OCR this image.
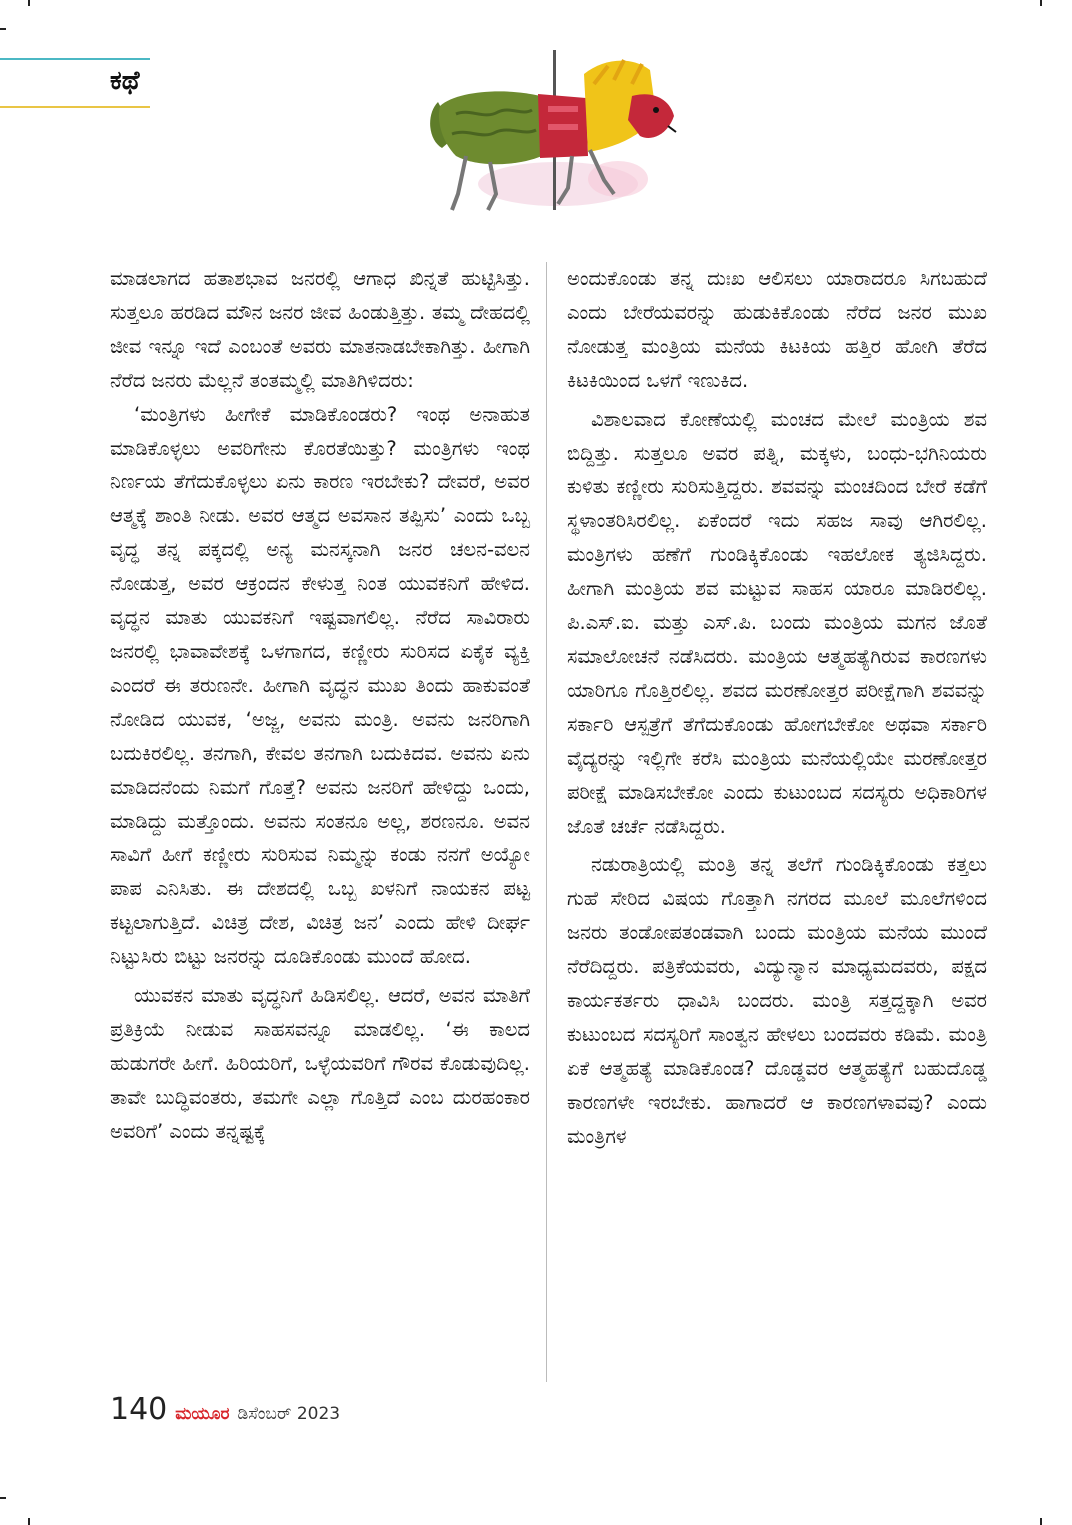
ಕಥೆ

ಮಾಡಲಾಗದ ಹತಾಶಭಾವ ಜನರಲ್ಲಿ ಆಗಾಧ ಖಿನ್ನತೆ ಹುಟ್ಟಿಸಿತ್ತು. ಸುತ್ತಲೂ ಹರಡಿದ ಮೌನ ಜನರ ಜೀವ ಹಿಂಡುತ್ತಿತ್ತು. ತಮ್ಮ ದೇಹದಲ್ಲಿ ಜೀವ ಇನ್ನೂ ಇದೆ ಎಂಬಂತೆ ಅವರು ಮಾತನಾಡಬೇಕಾಗಿತ್ತು. ಹೀಗಾಗಿ ನೆರೆದ ಜನರು ಮೆಲ್ಲನೆ ತಂತಮ್ಮಲ್ಲಿ ಮಾತಿಗಿಳಿದರು:

‘ಮಂತ್ರಿಗಳು ಹೀಗೇಕೆ ಮಾಡಿಕೊಂಡರು? ಇಂಥ ಅನಾಹುತ ಮಾಡಿಕೊಳ್ಳಲು ಅವರಿಗೇನು ಕೊರತೆಯಿತ್ತು? ಮಂತ್ರಿಗಳು ಇಂಥ ನಿರ್ಣಯ ತೆಗೆದುಕೊಳ್ಳಲು ಏನು ಕಾರಣ ಇರಬೇಕು? ದೇವರೆ, ಅವರ ಆತ್ಮಕ್ಕೆ ಶಾಂತಿ ನೀಡು. ಅವರ ಆತ್ಮದ ಅವಸಾನ ತಪ್ಪಿಸು’ ಎಂದು ಒಬ್ಬ ವೃದ್ಧ ತನ್ನ ಪಕ್ಕದಲ್ಲಿ ಅನ್ಯ ಮನಸ್ಕನಾಗಿ ಜನರ ಚಲನ-ವಲನ ನೋಡುತ್ತ, ಅವರ ಆಕ್ರಂದನ ಕೇಳುತ್ತ ನಿಂತ ಯುವಕನಿಗೆ ಹೇಳಿದ. ವೃದ್ಧನ ಮಾತು ಯುವಕನಿಗೆ ಇಷ್ಟವಾಗಲಿಲ್ಲ. ನೆರೆದ ಸಾವಿರಾರು ಜನರಲ್ಲಿ ಭಾವಾವೇಶಕ್ಕೆ ಒಳಗಾಗದ, ಕಣ್ಣೀರು ಸುರಿಸದ ಏಕೈಕ ವ್ಯಕ್ತಿ ಎಂದರೆ ಈ ತರುಣನೇ. ಹೀಗಾಗಿ ವೃದ್ಧನ ಮುಖ ತಿಂದು ಹಾಕುವಂತೆ ನೋಡಿದ ಯುವಕ, ‘ಅಜ್ಜ, ಅವನು ಮಂತ್ರಿ. ಅವನು ಜನರಿಗಾಗಿ ಬದುಕಿರಲಿಲ್ಲ. ತನಗಾಗಿ, ಕೇವಲ ತನಗಾಗಿ ಬದುಕಿದವ. ಅವನು ಏನು ಮಾಡಿದನೆಂದು ನಿಮಗೆ ಗೊತ್ತೆ? ಅವನು ಜನರಿಗೆ ಹೇಳಿದ್ದು ಒಂದು, ಮಾಡಿದ್ದು ಮತ್ತೊಂದು. ಅವನು ಸಂತನೂ ಅಲ್ಲ, ಶರಣನೂ. ಅವನ ಸಾವಿಗೆ ಹೀಗೆ ಕಣ್ಣೀರು ಸುರಿಸುವ ನಿಮ್ಮನ್ನು ಕಂಡು ನನಗೆ ಅಯ್ಯೋ ಪಾಪ ಎನಿಸಿತು. ಈ ದೇಶದಲ್ಲಿ ಒಬ್ಬ ಖಳನಿಗೆ ನಾಯಕನ ಪಟ್ಟ ಕಟ್ಟಲಾಗುತ್ತಿದೆ. ವಿಚಿತ್ರ ದೇಶ, ವಿಚಿತ್ರ ಜನ’ ಎಂದು ಹೇಳಿ ದೀರ್ಘ ನಿಟ್ಟುಸಿರು ಬಿಟ್ಟು ಜನರನ್ನು ದೂಡಿಕೊಂಡು ಮುಂದೆ ಹೋದ.

ಯುವಕನ ಮಾತು ವೃದ್ಧನಿಗೆ ಹಿಡಿಸಲಿಲ್ಲ. ಆದರೆ, ಅವನ ಮಾತಿಗೆ ಪ್ರತಿಕ್ರಿಯೆ ನೀಡುವ ಸಾಹಸವನ್ನೂ ಮಾಡಲಿಲ್ಲ. ‘ಈ ಕಾಲದ ಹುಡುಗರೇ ಹೀಗೆ. ಹಿರಿಯರಿಗೆ, ಒಳ್ಳೆಯವರಿಗೆ ಗೌರವ ಕೊಡುವುದಿಲ್ಲ. ತಾವೇ ಬುದ್ಧಿವಂತರು, ತಮಗೇ ಎಲ್ಲಾ ಗೊತ್ತಿದೆ ಎಂಬ ದುರಹಂಕಾರ ಅವರಿಗೆ’ ಎಂದು ತನ್ನಷ್ಟಕ್ಕೆ

ಅಂದುಕೊಂಡು ತನ್ನ ದುಃಖ ಆಲಿಸಲು ಯಾರಾದರೂ ಸಿಗಬಹುದೆ ಎಂದು ಬೇರೆಯವರನ್ನು ಹುಡುಕಿಕೊಂಡು ನೆರೆದ ಜನರ ಮುಖ ನೋಡುತ್ತ ಮಂತ್ರಿಯ ಮನೆಯ ಕಿಟಕಿಯ ಹತ್ತಿರ ಹೋಗಿ ತೆರೆದ ಕಿಟಕಿಯಿಂದ ಒಳಗೆ ಇಣುಕಿದ.

ವಿಶಾಲವಾದ ಕೋಣೆಯಲ್ಲಿ ಮಂಚದ ಮೇಲೆ ಮಂತ್ರಿಯ ಶವ ಬಿದ್ದಿತ್ತು. ಸುತ್ತಲೂ ಅವರ ಪತ್ನಿ, ಮಕ್ಕಳು, ಬಂಧು-ಭಗಿನಿಯರು ಕುಳಿತು ಕಣ್ಣೀರು ಸುರಿಸುತ್ತಿದ್ದರು. ಶವವನ್ನು ಮಂಚದಿಂದ ಬೇರೆ ಕಡೆಗೆ ಸ್ಥಳಾಂತರಿಸಿರಲಿಲ್ಲ. ಏಕೆಂದರೆ ಇದು ಸಹಜ ಸಾವು ಆಗಿರಲಿಲ್ಲ. ಮಂತ್ರಿಗಳು ಹಣೆಗೆ ಗುಂಡಿಕ್ಕಿಕೊಂಡು ಇಹಲೋಕ ತ್ಯಜಿಸಿದ್ದರು. ಹೀಗಾಗಿ ಮಂತ್ರಿಯ ಶವ ಮಟ್ಟುವ ಸಾಹಸ ಯಾರೂ ಮಾಡಿರಲಿಲ್ಲ. ಪಿ.ಎಸ್.ಐ. ಮತ್ತು ಎಸ್.ಪಿ. ಬಂದು ಮಂತ್ರಿಯ ಮಗನ ಜೊತೆ ಸಮಾಲೋಚನೆ ನಡೆಸಿದರು. ಮಂತ್ರಿಯ ಆತ್ಮಹತ್ಯೆಗಿರುವ ಕಾರಣಗಳು ಯಾರಿಗೂ ಗೊತ್ತಿರಲಿಲ್ಲ. ಶವದ ಮರಣೋತ್ತರ ಪರೀಕ್ಷೆಗಾಗಿ ಶವವನ್ನು ಸರ್ಕಾರಿ ಆಸ್ಪತ್ರೆಗೆ ತೆಗೆದುಕೊಂಡು ಹೋಗಬೇಕೋ ಅಥವಾ ಸರ್ಕಾರಿ ವೈದ್ಯರನ್ನು ಇಲ್ಲಿಗೇ ಕರೆಸಿ ಮಂತ್ರಿಯ ಮನೆಯಲ್ಲಿಯೇ ಮರಣೋತ್ತರ ಪರೀಕ್ಷೆ ಮಾಡಿಸಬೇಕೋ ಎಂದು ಕುಟುಂಬದ ಸದಸ್ಯರು ಅಧಿಕಾರಿಗಳ ಜೊತೆ ಚರ್ಚೆ ನಡೆಸಿದ್ದರು.

ನಡುರಾತ್ರಿಯಲ್ಲಿ ಮಂತ್ರಿ ತನ್ನ ತಲೆಗೆ ಗುಂಡಿಕ್ಕಿಕೊಂಡು ಕತ್ತಲು ಗುಹೆ ಸೇರಿದ ವಿಷಯ ಗೊತ್ತಾಗಿ ನಗರದ ಮೂಲೆ ಮೂಲೆಗಳಿಂದ ಜನರು ತಂಡೋಪತಂಡವಾಗಿ ಬಂದು ಮಂತ್ರಿಯ ಮನೆಯ ಮುಂದೆ ನೆರೆದಿದ್ದರು. ಪತ್ರಿಕೆಯವರು, ವಿದ್ಯುನ್ಮಾನ ಮಾಧ್ಯಮದವರು, ಪಕ್ಷದ ಕಾರ್ಯಕರ್ತರು ಧಾವಿಸಿ ಬಂದರು. ಮಂತ್ರಿ ಸತ್ತದ್ದಕ್ಕಾಗಿ ಅವರ ಕುಟುಂಬದ ಸದಸ್ಯರಿಗೆ ಸಾಂತ್ವನ ಹೇಳಲು ಬಂದವರು ಕಡಿಮೆ. ಮಂತ್ರಿ ಏಕೆ ಆತ್ಮಹತ್ಯೆ ಮಾಡಿಕೊಂಡ? ದೊಡ್ಡವರ ಆತ್ಮಹತ್ಯೆಗೆ ಬಹುದೊಡ್ಡ ಕಾರಣಗಳೇ ಇರಬೇಕು. ಹಾಗಾದರೆ ಆ ಕಾರಣಗಳಾವವು? ಎಂದು ಮಂತ್ರಿಗಳ

140 ಮಯೂರ ಡಿಸೆಂಬರ್ 2023
